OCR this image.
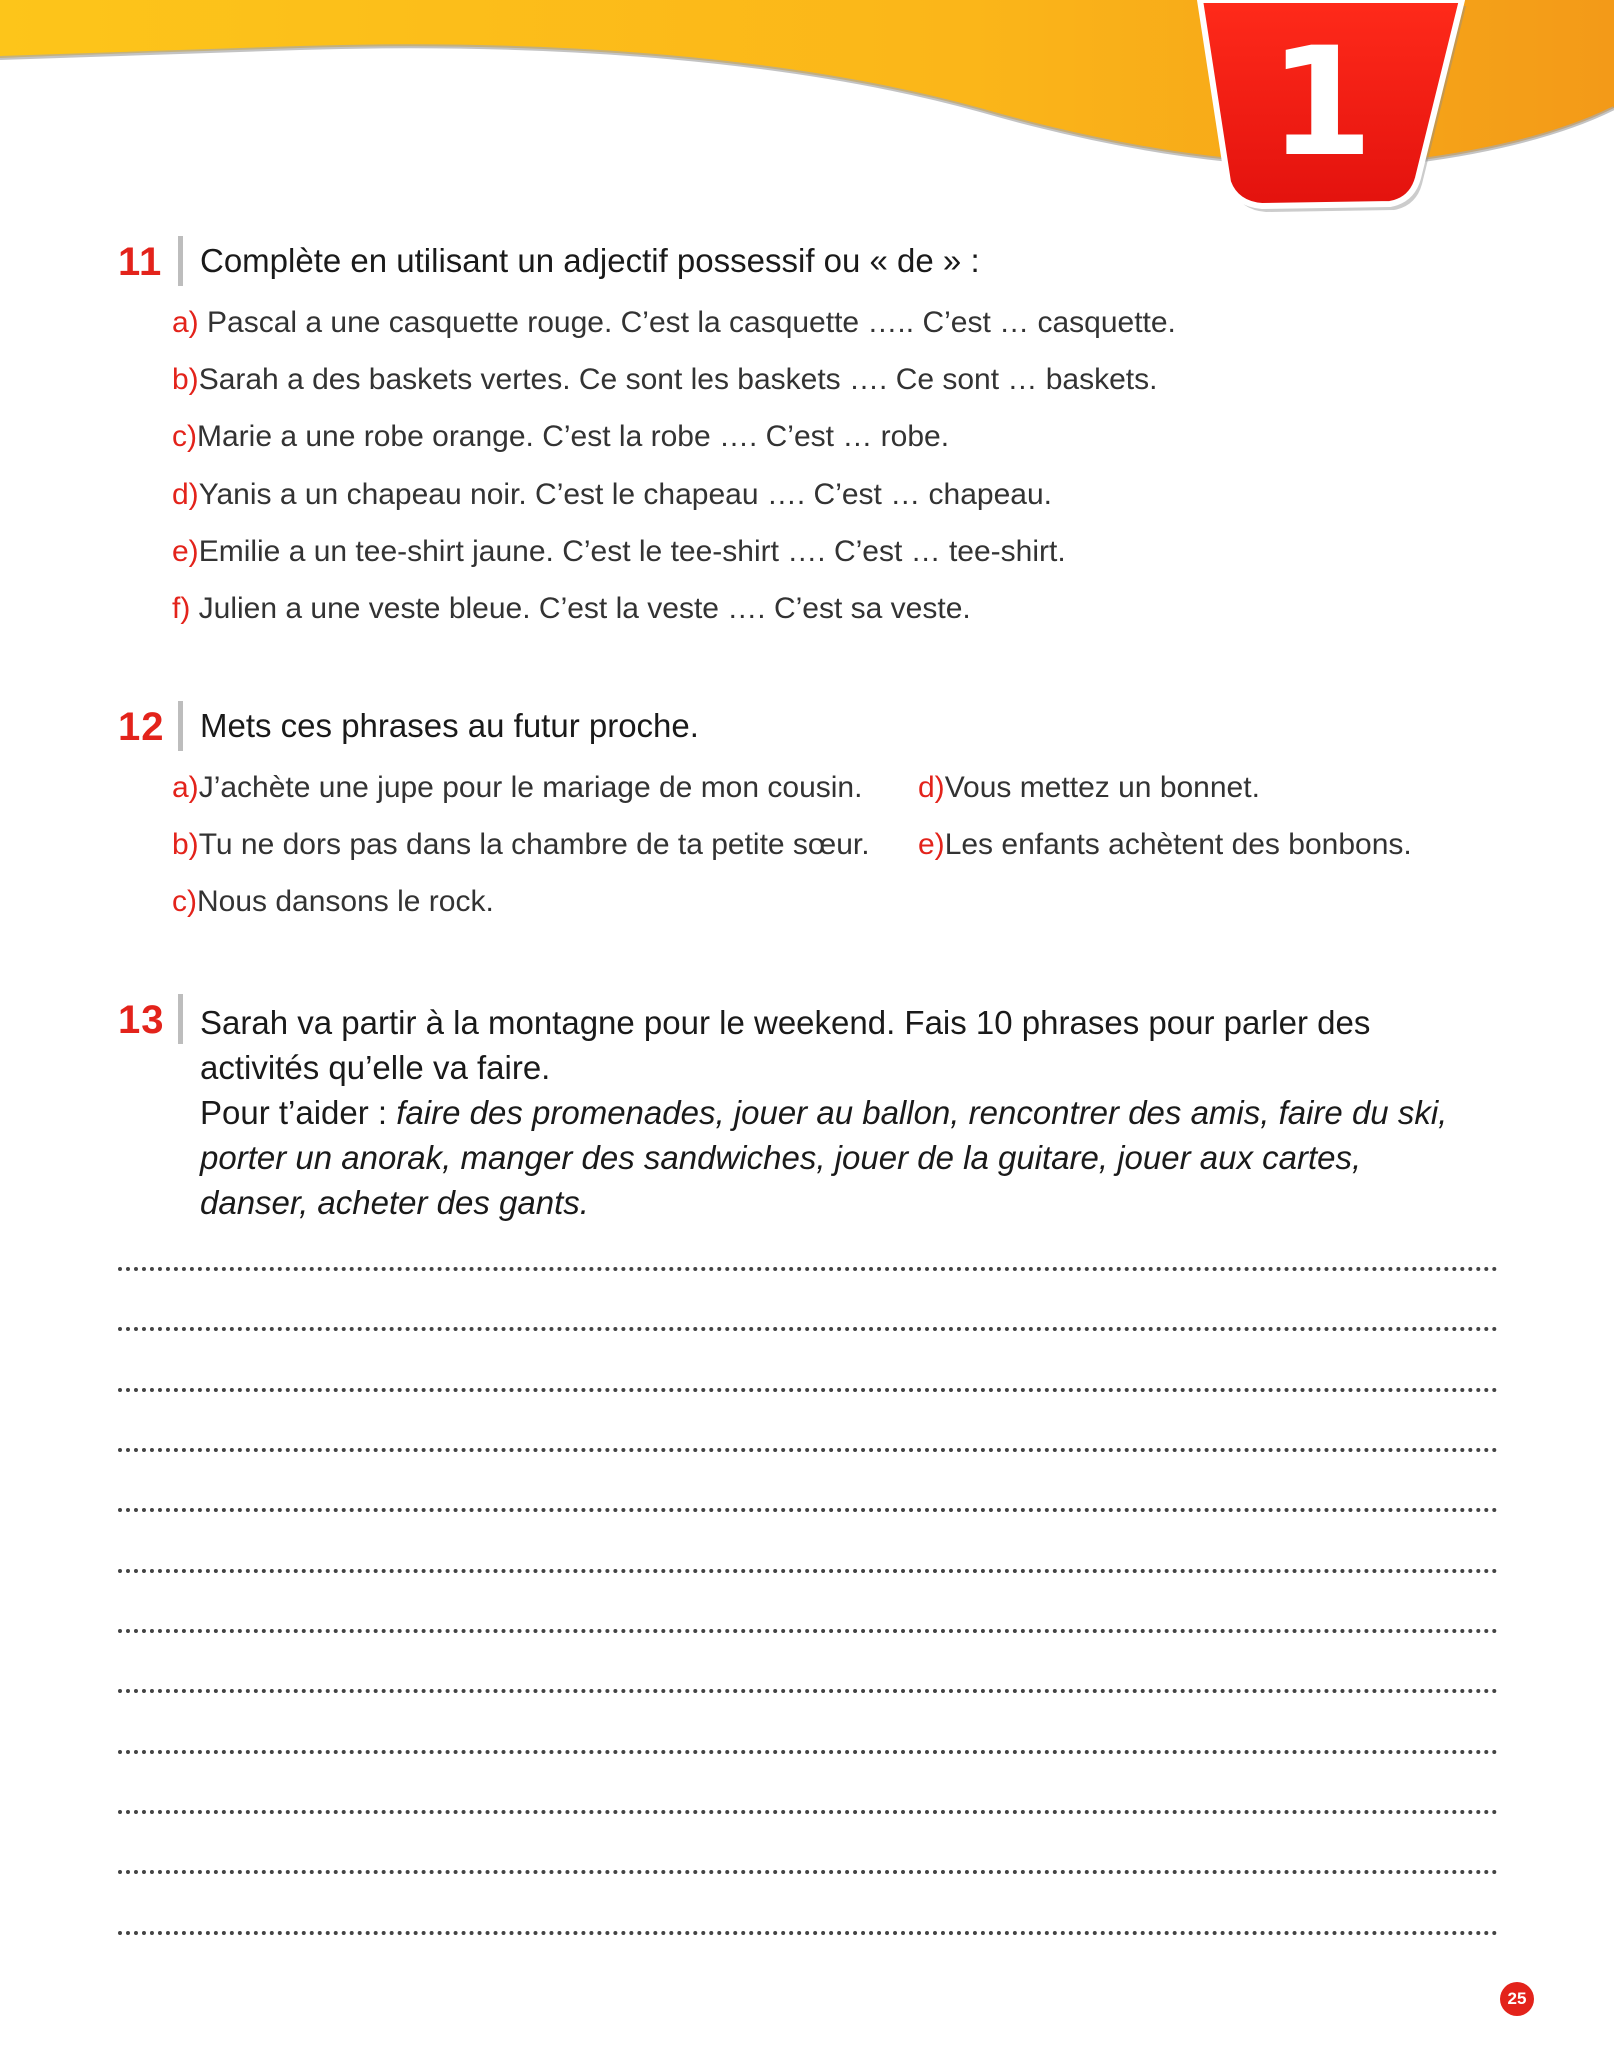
1
11 Complète en utilisant un adjectif possessif ou « de » :
a) Pascal a une casquette rouge. C’est la casquette ….. C’est … casquette.
b)Sarah a des baskets vertes. Ce sont les baskets …. Ce sont … baskets.
c)Marie a une robe orange. C’est la robe …. C’est … robe.
d)Yanis a un chapeau noir. C’est le chapeau …. C’est … chapeau.
e)Emilie a un tee-shirt jaune. C’est le tee-shirt …. C’est … tee-shirt.
f) Julien a une veste bleue. C’est la veste …. C’est sa veste.
12 Mets ces phrases au futur proche.
a)J’achète une jupe pour le mariage de mon cousin.
b)Tu ne dors pas dans la chambre de ta petite sœur.
c)Nous dansons le rock.
d)Vous mettez un bonnet.
e)Les enfants achètent des bonbons.
13 Sarah va partir à la montagne pour le weekend. Fais 10 phrases pour parler des activités qu’elle va faire.
Pour t’aider : faire des promenades, jouer au ballon, rencontrer des amis, faire du ski, porter un anorak, manger des sandwiches, jouer de la guitare, jouer aux cartes, danser, acheter des gants.
25
